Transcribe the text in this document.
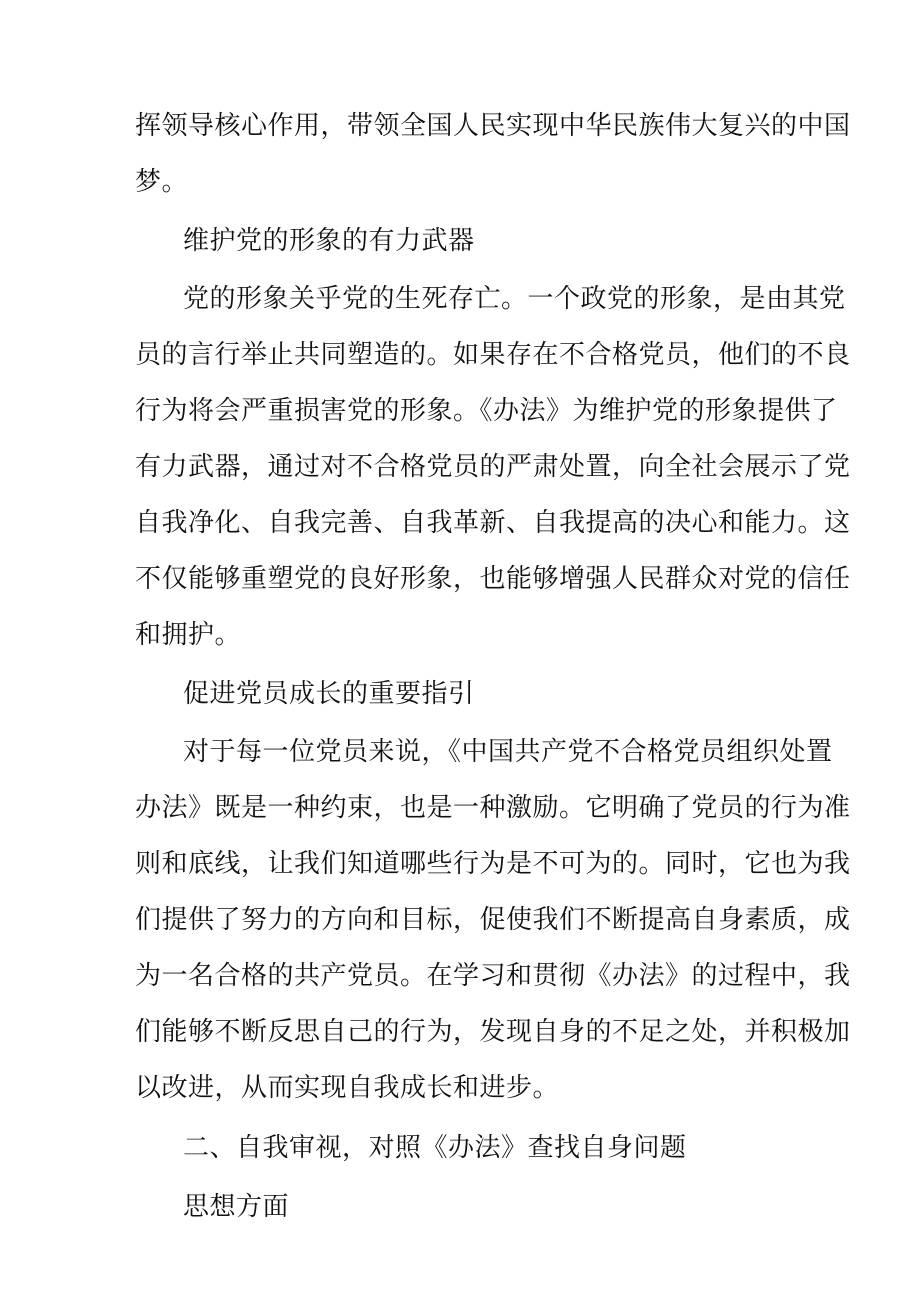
挥领导核心作用，带领全国人民实现中华民族伟大复兴的中国
梦。
维护党的形象的有力武器
党的形象关乎党的生死存亡。一个政党的形象，是由其党
员的言行举止共同塑造的。如果存在不合格党员，他们的不良
行为将会严重损害党的形象。《办法》为维护党的形象提供了
有力武器，通过对不合格党员的严肃处置，向全社会展示了党
自我净化、自我完善、自我革新、自我提高的决心和能力。这
不仅能够重塑党的良好形象，也能够增强人民群众对党的信任
和拥护。
促进党员成长的重要指引
对于每一位党员来说，《中国共产党不合格党员组织处置
办法》既是一种约束，也是一种激励。它明确了党员的行为准
则和底线，让我们知道哪些行为是不可为的。同时，它也为我
们提供了努力的方向和目标，促使我们不断提高自身素质，成
为一名合格的共产党员。在学习和贯彻《办法》的过程中，我
们能够不断反思自己的行为，发现自身的不足之处，并积极加
以改进，从而实现自我成长和进步。
二、自我审视，对照《办法》查找自身问题
思想方面
